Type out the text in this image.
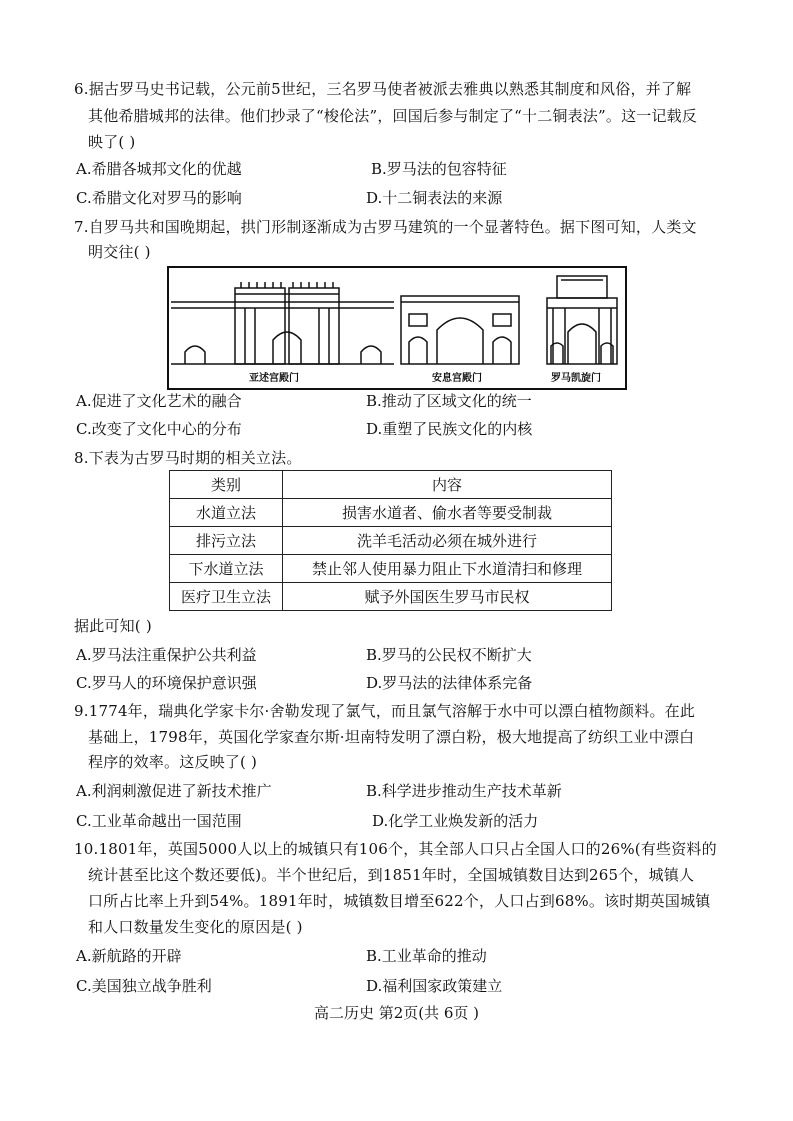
6.据古罗马史书记载，公元前5世纪，三名罗马使者被派去雅典以熟悉其制度和风俗，并了解
其他希腊城邦的法律。他们抄录了“梭伦法”，回国后参与制定了“十二铜表法”。这一记载反
映了( )
A.希腊各城邦文化的优越	B.罗马法的包容特征
C.希腊文化对罗马的影响	D.十二铜表法的来源
7.自罗马共和国晚期起，拱门形制逐渐成为古罗马建筑的一个显著特色。据下图可知，人类文
明交往( )
亚述宫殿门	安息宫殿门	罗马凯旋门
A.促进了文化艺术的融合	B.推动了区域文化的统一
C.改变了文化中心的分布	D.重塑了民族文化的内核
8.下表为古罗马时期的相关立法。
类别	内容
水道立法	损害水道者、偷水者等要受制裁
排污立法	洗羊毛活动必须在城外进行
下水道立法	禁止邻人使用暴力阻止下水道清扫和修理
医疗卫生立法	赋予外国医生罗马市民权
据此可知( )
A.罗马法注重保护公共利益	B.罗马的公民权不断扩大
C.罗马人的环境保护意识强	D.罗马法的法律体系完备
9.1774年，瑞典化学家卡尔·舍勒发现了氯气，而且氯气溶解于水中可以漂白植物颜料。在此
基础上，1798年，英国化学家查尔斯·坦南特发明了漂白粉，极大地提高了纺织工业中漂白
程序的效率。这反映了( )
A.利润刺激促进了新技术推广	B.科学进步推动生产技术革新
C.工业革命越出一国范围	D.化学工业焕发新的活力
10.1801年，英国5000人以上的城镇只有106个，其全部人口只占全国人口的26%(有些资料的
统计甚至比这个数还要低)。半个世纪后，到1851年时，全国城镇数目达到265个，城镇人
口所占比率上升到54%。1891年时，城镇数目增至622个，人口占到68%。该时期英国城镇
和人口数量发生变化的原因是( )
A.新航路的开辟	B.工业革命的推动
C.美国独立战争胜利	D.福利国家政策建立
高二历史 第2页(共 6页 )
